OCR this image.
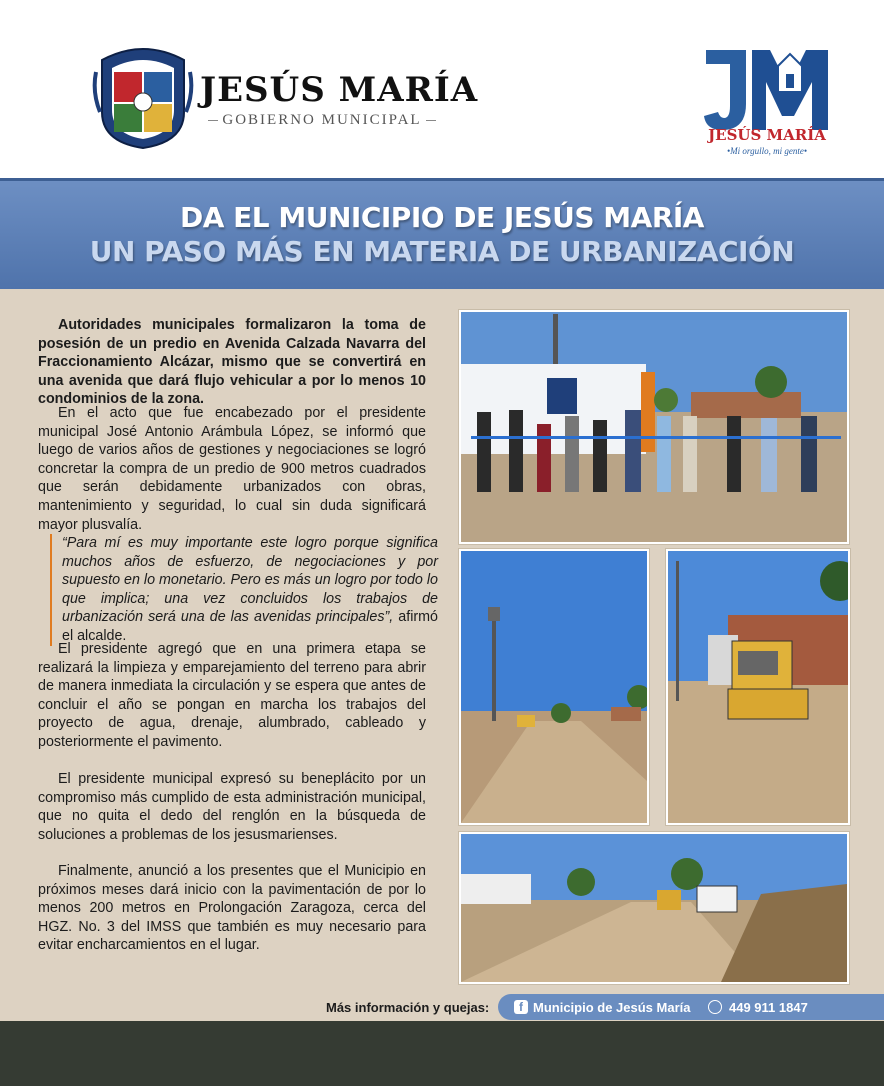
JESÚS MARÍA
GOBIERNO MUNICIPAL
JESÚS MARÍA
•Mi orgullo, mi gente•
DA EL MUNICIPIO DE JESÚS MARÍA
UN PASO MÁS EN MATERIA DE URBANIZACIÓN

Autoridades municipales formalizaron la toma de posesión de un predio en Avenida Calzada Navarra del Fraccionamiento Alcázar, mismo que se convertirá en una avenida que dará flujo vehicular a por lo menos 10 condominios de la zona.

En el acto que fue encabezado por el presidente municipal José Antonio Arámbula López, se informó que luego de varios años de gestiones y negociaciones se logró concretar la compra de un predio de 900 metros cuadrados que serán debidamente urbanizados con obras, mantenimiento y seguridad, lo cual sin duda significará mayor plusvalía.

“Para mí es muy importante este logro porque significa muchos años de esfuerzo, de negociaciones y por supuesto en lo monetario. Pero es más un logro por todo lo que implica; una vez concluidos los trabajos de urbanización será una de las avenidas principales”, afirmó el alcalde.

El presidente agregó que en una primera etapa se realizará la limpieza y emparejamiento del terreno para abrir de manera inmediata la circulación y se espera que antes de concluir el año se pongan en marcha los trabajos del proyecto de agua, drenaje, alumbrado, cableado y posteriormente el pavimento.

El presidente municipal expresó su beneplácito por un compromiso más cumplido de esta administración municipal, que no quita el dedo del renglón en la búsqueda de soluciones a problemas de los jesusmarienses.

Finalmente, anunció a los presentes que el Municipio en próximos meses dará inicio con la pavimentación de por lo menos 200 metros en Prolongación Zaragoza, cerca del HGZ. No. 3 del IMSS que también es muy necesario para evitar encharcamientos en el lugar.

Más información y quejas:	f Municipio de Jesús María	449 911 1847
